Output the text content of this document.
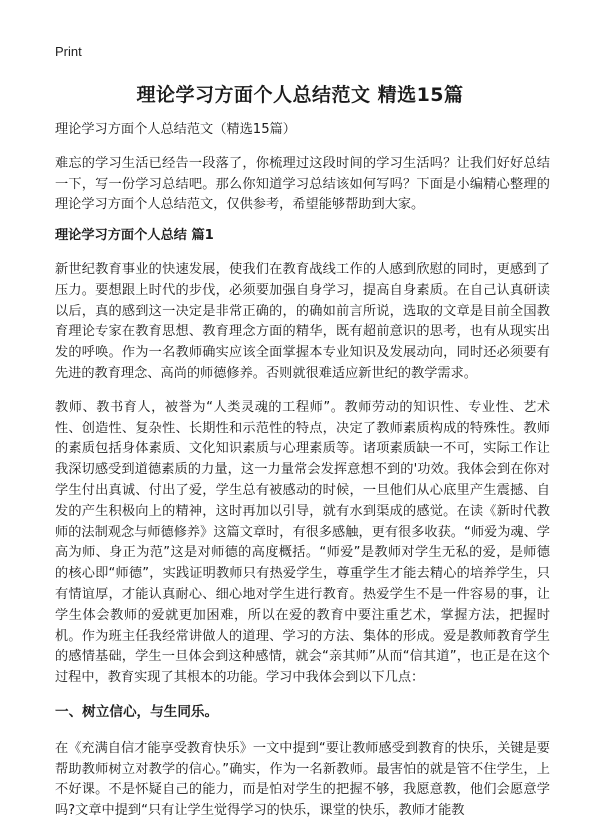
Print
理论学习方面个人总结范文 精选15篇

理论学习方面个人总结范文（精选15篇）

难忘的学习生活已经告一段落了，你梳理过这段时间的学习生活吗？让我们好好总结一下，写一份学习总结吧。那么你知道学习总结该如何写吗？下面是小编精心整理的理论学习方面个人总结范文，仅供参考，希望能够帮助到大家。

理论学习方面个人总结 篇1

新世纪教育事业的快速发展，使我们在教育战线工作的人感到欣慰的同时，更感到了压力。要想跟上时代的步伐，必须要加强自身学习，提高自身素质。在自己认真研读以后，真的感到这一决定是非常正确的，的确如前言所说，选取的文章是目前全国教育理论专家在教育思想、教育理念方面的精华，既有超前意识的思考，也有从现实出发的呼唤。作为一名教师确实应该全面掌握本专业知识及发展动向，同时还必须要有先进的教育理念、高尚的师德修养。否则就很难适应新世纪的教学需求。

教师、教书育人，被誉为“人类灵魂的工程师”。教师劳动的知识性、专业性、艺术性、创造性、复杂性、长期性和示范性的特点，决定了教师素质构成的特殊性。教师的素质包括身体素质、文化知识素质与心理素质等。诸项素质缺一不可，实际工作让我深切感受到道德素质的力量，这一力量常会发挥意想不到的'功效。我体会到在你对学生付出真诚、付出了爱，学生总有被感动的时候，一旦他们从心底里产生震撼、自发的产生积极向上的精神，这时再加以引导，就有水到渠成的感觉。在读《新时代教师的法制观念与师德修养》这篇文章时，有很多感触，更有很多收获。“师爱为魂、学高为师、身正为范”这是对师德的高度概括。“师爱”是教师对学生无私的爱，是师德的核心即“师德”，实践证明教师只有热爱学生，尊重学生才能去精心的培养学生，只有情谊厚，才能认真耐心、细心地对学生进行教育。热爱学生不是一件容易的事，让学生体会教师的爱就更加困难，所以在爱的教育中要注重艺术，掌握方法，把握时机。作为班主任我经常讲做人的道理、学习的方法、集体的形成。爱是教师教育学生的感情基础，学生一旦体会到这种感情，就会“亲其师”从而“信其道”，也正是在这个过程中，教育实现了其根本的功能。学习中我体会到以下几点：

一、树立信心，与生同乐。

在《充满自信才能享受教育快乐》一文中提到“要让教师感受到教育的快乐，关键是要帮助教师树立对教学的信心。”确实，作为一名新教师。最害怕的就是管不住学生，上不好课。不是怀疑自己的能力，而是怕对学生的把握不够，我愿意教，他们会愿意学吗?文章中提到“只有让学生觉得学习的快乐，课堂的快乐，教师才能教
